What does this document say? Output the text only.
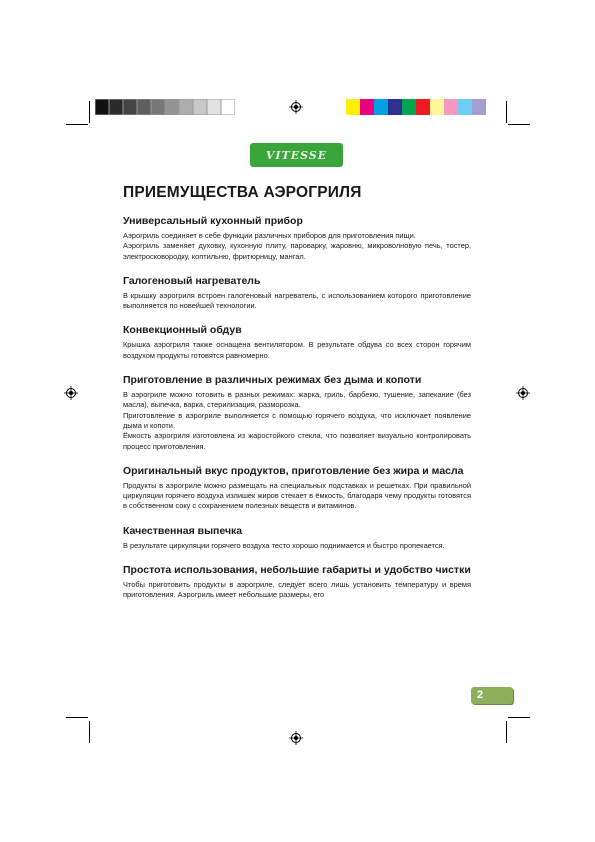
VITESSE
ПРИЕМУЩЕСТВА АЭРОГРИЛЯ
Универсальный кухонный прибор

Аэрогриль соединяет в себе функции различных приборов для приготовления пищи.

Аэрогриль заменяет духовку, кухонную плиту, пароварку, жаровню, микроволновую печь, тостер, электросковородку, коптильню, фритюрницу, мангал.

Галогеновый нагреватель

В крышку аэрогриля встроен галогеновый нагреватель, с использованием которого приготовление выполняется по новейшей технологии.

Конвекционный обдув

Крышка аэрогриля также оснащена вентилятором. В результате обдува со всех сторон горячим воздухом продукты готовятся равномерно.

Приготовление в различных режимах без дыма и копоти

В аэрогриле можно готовить в разных режимах: жарка, гриль, барбекю, тушение, запекание (без масла), выпечка, варка, стерилизация, разморозка.

Приготовление в аэрогриле выполняется с помощью горячего воздуха, что исключает появление дыма и копоти.

Ёмкость аэрогриля изготовлена из жаростойкого стекла, что позволяет визуально контролировать процесс приготовления.

Оригинальный вкус продуктов, приготовление без жира и масла

Продукты в аэрогриле можно размещать на специальных подставках и решетках. При правильной циркуляции горячего воздуха излишек жиров стекает в ёмкость, благодаря чему продукты готовятся в собственном соку с сохранением полезных веществ и витаминов.

Качественная выпечка

В результате циркуляции горячего воздуха тесто хорошо поднимается и быстро пропекается.

Простота использования, небольшие габариты и удобство чистки

Чтобы приготовить продукты в аэрогриле, следует всего лишь установить температуру и время приготовления. Аэрогриль имеет небольшие размеры, его

2
